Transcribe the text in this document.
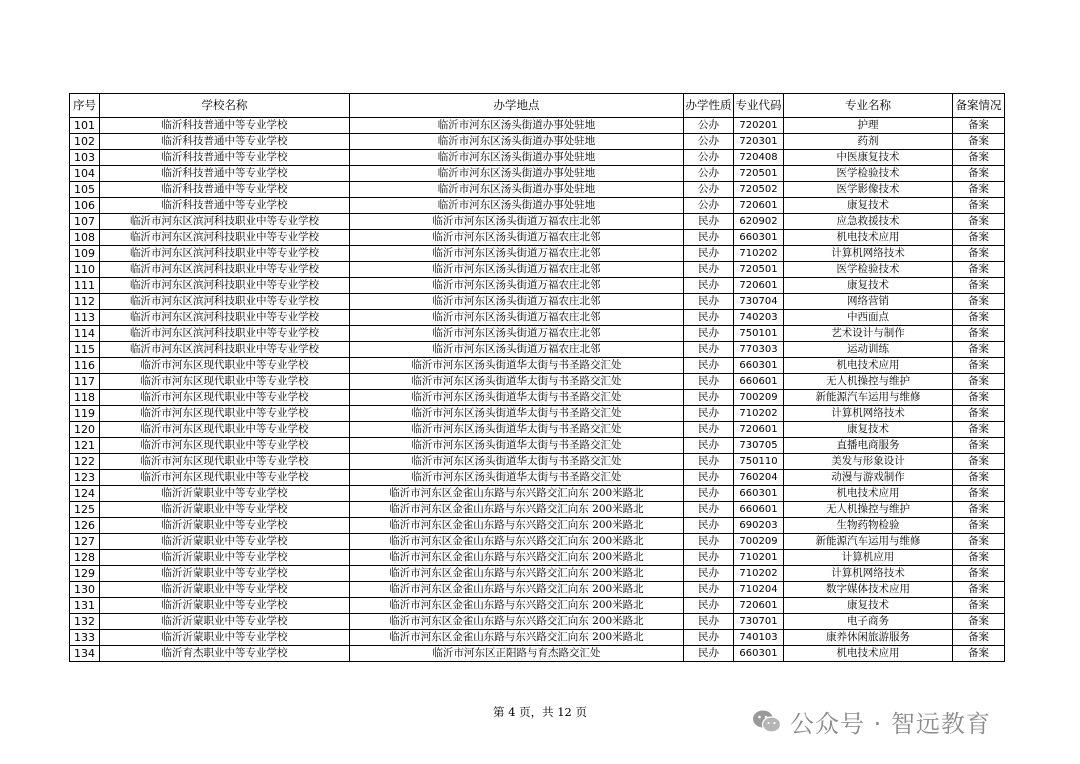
序号	学校名称	办学地点	办学性质	专业代码	专业名称	备案情况
101	临沂科技普通中等专业学校	临沂市河东区汤头街道办事处驻地	公办	720201	护理	备案
102	临沂科技普通中等专业学校	临沂市河东区汤头街道办事处驻地	公办	720301	药剂	备案
103	临沂科技普通中等专业学校	临沂市河东区汤头街道办事处驻地	公办	720408	中医康复技术	备案
104	临沂科技普通中等专业学校	临沂市河东区汤头街道办事处驻地	公办	720501	医学检验技术	备案
105	临沂科技普通中等专业学校	临沂市河东区汤头街道办事处驻地	公办	720502	医学影像技术	备案
106	临沂科技普通中等专业学校	临沂市河东区汤头街道办事处驻地	公办	720601	康复技术	备案
107	临沂市河东区滨河科技职业中等专业学校	临沂市河东区汤头街道万福农庄北邻	民办	620902	应急救援技术	备案
108	临沂市河东区滨河科技职业中等专业学校	临沂市河东区汤头街道万福农庄北邻	民办	660301	机电技术应用	备案
109	临沂市河东区滨河科技职业中等专业学校	临沂市河东区汤头街道万福农庄北邻	民办	710202	计算机网络技术	备案
110	临沂市河东区滨河科技职业中等专业学校	临沂市河东区汤头街道万福农庄北邻	民办	720501	医学检验技术	备案
111	临沂市河东区滨河科技职业中等专业学校	临沂市河东区汤头街道万福农庄北邻	民办	720601	康复技术	备案
112	临沂市河东区滨河科技职业中等专业学校	临沂市河东区汤头街道万福农庄北邻	民办	730704	网络营销	备案
113	临沂市河东区滨河科技职业中等专业学校	临沂市河东区汤头街道万福农庄北邻	民办	740203	中西面点	备案
114	临沂市河东区滨河科技职业中等专业学校	临沂市河东区汤头街道万福农庄北邻	民办	750101	艺术设计与制作	备案
115	临沂市河东区滨河科技职业中等专业学校	临沂市河东区汤头街道万福农庄北邻	民办	770303	运动训练	备案
116	临沂市河东区现代职业中等专业学校	临沂市河东区汤头街道华太街与书圣路交汇处	民办	660301	机电技术应用	备案
117	临沂市河东区现代职业中等专业学校	临沂市河东区汤头街道华太街与书圣路交汇处	民办	660601	无人机操控与维护	备案
118	临沂市河东区现代职业中等专业学校	临沂市河东区汤头街道华太街与书圣路交汇处	民办	700209	新能源汽车运用与维修	备案
119	临沂市河东区现代职业中等专业学校	临沂市河东区汤头街道华太街与书圣路交汇处	民办	710202	计算机网络技术	备案
120	临沂市河东区现代职业中等专业学校	临沂市河东区汤头街道华太街与书圣路交汇处	民办	720601	康复技术	备案
121	临沂市河东区现代职业中等专业学校	临沂市河东区汤头街道华太街与书圣路交汇处	民办	730705	直播电商服务	备案
122	临沂市河东区现代职业中等专业学校	临沂市河东区汤头街道华太街与书圣路交汇处	民办	750110	美发与形象设计	备案
123	临沂市河东区现代职业中等专业学校	临沂市河东区汤头街道华太街与书圣路交汇处	民办	760204	动漫与游戏制作	备案
124	临沂沂蒙职业中等专业学校	临沂市河东区金雀山东路与东兴路交汇向东 200米路北	民办	660301	机电技术应用	备案
125	临沂沂蒙职业中等专业学校	临沂市河东区金雀山东路与东兴路交汇向东 200米路北	民办	660601	无人机操控与维护	备案
126	临沂沂蒙职业中等专业学校	临沂市河东区金雀山东路与东兴路交汇向东 200米路北	民办	690203	生物药物检验	备案
127	临沂沂蒙职业中等专业学校	临沂市河东区金雀山东路与东兴路交汇向东 200米路北	民办	700209	新能源汽车运用与维修	备案
128	临沂沂蒙职业中等专业学校	临沂市河东区金雀山东路与东兴路交汇向东 200米路北	民办	710201	计算机应用	备案
129	临沂沂蒙职业中等专业学校	临沂市河东区金雀山东路与东兴路交汇向东 200米路北	民办	710202	计算机网络技术	备案
130	临沂沂蒙职业中等专业学校	临沂市河东区金雀山东路与东兴路交汇向东 200米路北	民办	710204	数字媒体技术应用	备案
131	临沂沂蒙职业中等专业学校	临沂市河东区金雀山东路与东兴路交汇向东 200米路北	民办	720601	康复技术	备案
132	临沂沂蒙职业中等专业学校	临沂市河东区金雀山东路与东兴路交汇向东 200米路北	民办	730701	电子商务	备案
133	临沂沂蒙职业中等专业学校	临沂市河东区金雀山东路与东兴路交汇向东 200米路北	民办	740103	康养休闲旅游服务	备案
134	临沂育杰职业中等专业学校	临沂市河东区正阳路与育杰路交汇处	民办	660301	机电技术应用	备案
第 4 页，共 12 页	公众号 · 智远教育
